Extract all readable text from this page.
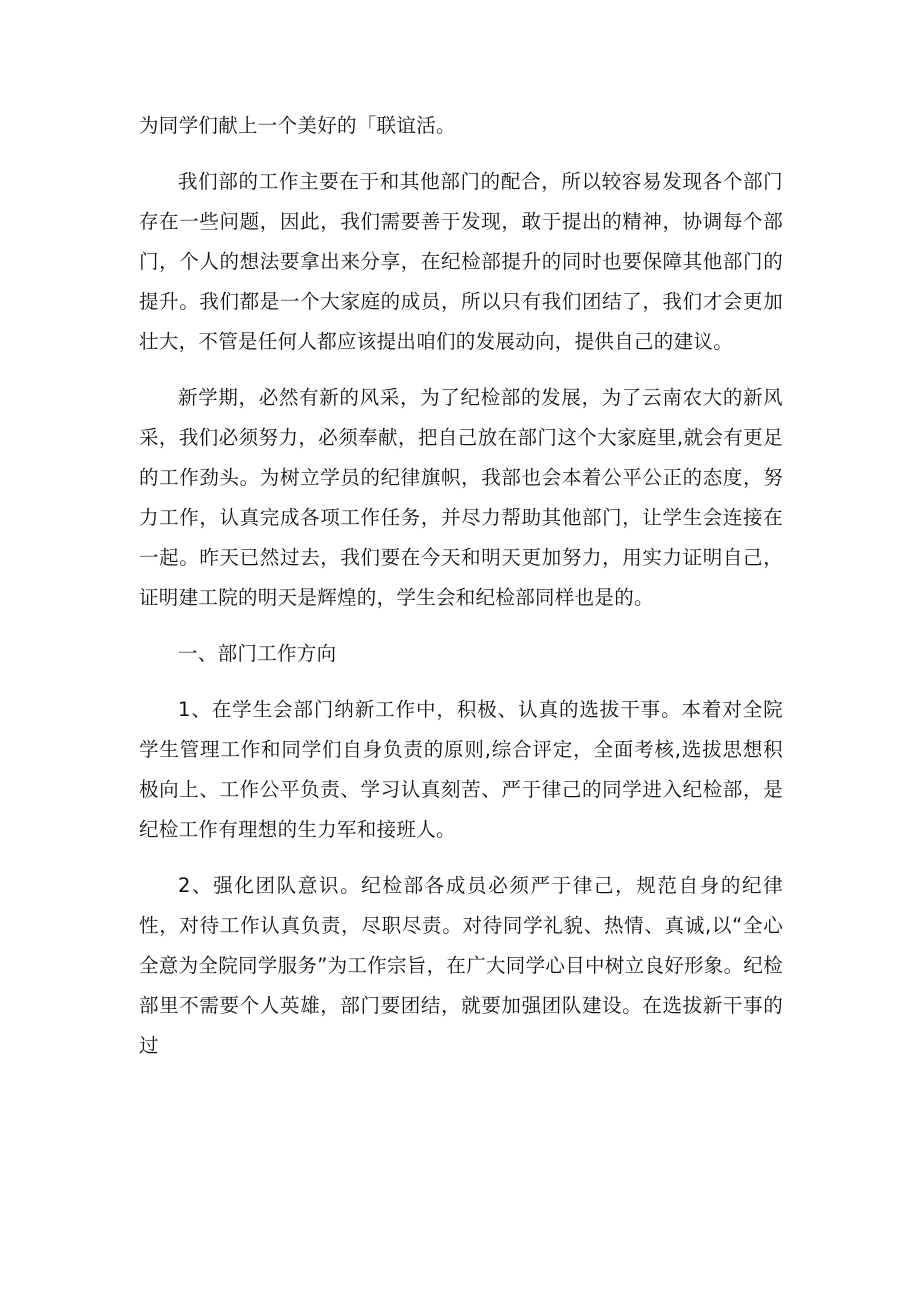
为同学们献上一个美好的「联谊活。

我们部的工作主要在于和其他部门的配合，所以较容易发现各个部门存在一些问题，因此，我们需要善于发现，敢于提出的精神，协调每个部门，个人的想法要拿出来分享，在纪检部提升的同时也要保障其他部门的提升。我们都是一个大家庭的成员，所以只有我们团结了，我们才会更加壮大，不管是任何人都应该提出咱们的发展动向，提供自己的建议。

新学期，必然有新的风采，为了纪检部的发展，为了云南农大的新风采，我们必须努力，必须奉献，把自己放在部门这个大家庭里,就会有更足的工作劲头。为树立学员的纪律旗帜，我部也会本着公平公正的态度，努力工作，认真完成各项工作任务，并尽力帮助其他部门，让学生会连接在一起。昨天已然过去，我们要在今天和明天更加努力，用实力证明自己，证明建工院的明天是辉煌的，学生会和纪检部同样也是的。

一、部门工作方向

1、在学生会部门纳新工作中，积极、认真的选拔干事。本着对全院学生管理工作和同学们自身负责的原则,综合评定，全面考核,选拔思想积极向上、工作公平负责、学习认真刻苦、严于律己的同学进入纪检部，是纪检工作有理想的生力军和接班人。

2、强化团队意识。纪检部各成员必须严于律己，规范自身的纪律性，对待工作认真负责，尽职尽责。对待同学礼貌、热情、真诚,以“全心全意为全院同学服务”为工作宗旨，在广大同学心目中树立良好形象。纪检部里不需要个人英雄，部门要团结，就要加强团队建设。在选拔新干事的过
